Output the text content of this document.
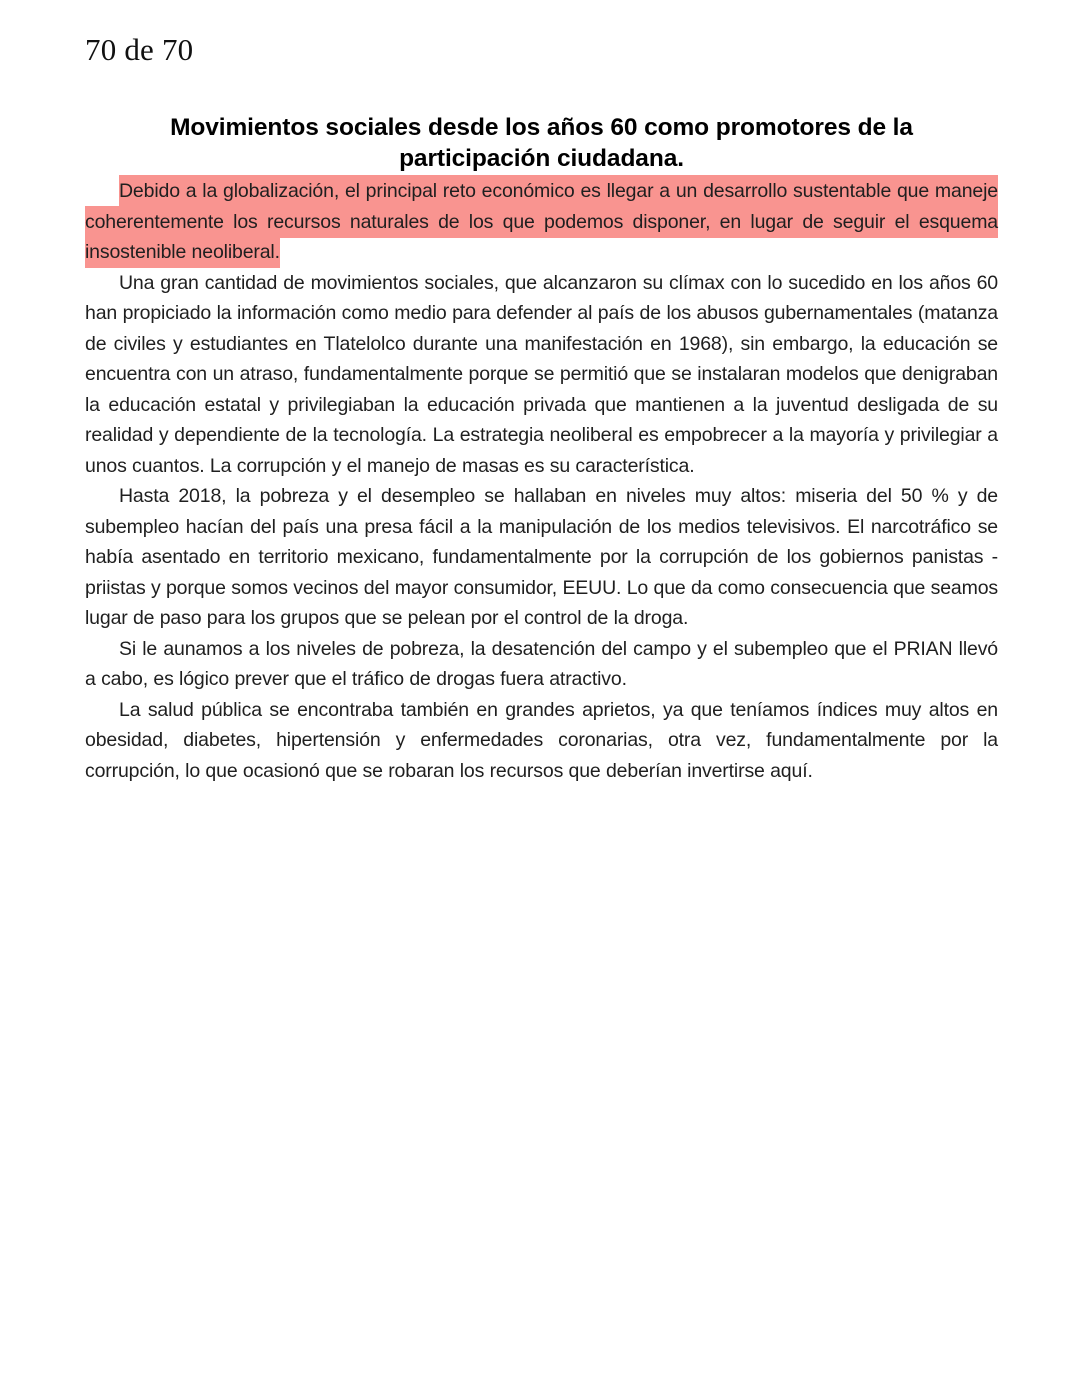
70 de 70
Movimientos sociales desde los años 60 como promotores de la participación ciudadana.

Debido a la globalización, el principal reto económico es llegar a un desarrollo sustentable que maneje coherentemente los recursos naturales de los que podemos disponer, en lugar de seguir el esquema insostenible neoliberal.

Una gran cantidad de movimientos sociales, que alcanzaron su clímax con lo sucedido en los años 60 han propiciado la información como medio para defender al país de los abusos gubernamentales (matanza de civiles y estudiantes en Tlatelolco durante una manifestación en 1968), sin embargo, la educación se encuentra con un atraso, fundamentalmente porque se permitió que se instalaran modelos que denigraban la educación estatal y privilegiaban la educación privada que mantienen a la juventud desligada de su realidad y dependiente de la tecnología. La estrategia neoliberal es empobrecer a la mayoría y privilegiar a unos cuantos. La corrupción y el manejo de masas es su característica.

Hasta 2018, la pobreza y el desempleo se hallaban en niveles muy altos: miseria del 50 % y de subempleo hacían del país una presa fácil a la manipulación de los medios televisivos. El narcotráfico se había asentado en territorio mexicano, fundamentalmente por la corrupción de los gobiernos panistas - priistas y porque somos vecinos del mayor consumidor, EEUU. Lo que da como consecuencia que seamos lugar de paso para los grupos que se pelean por el control de la droga.

Si le aunamos a los niveles de pobreza, la desatención del campo y el subempleo que el PRIAN llevó a cabo, es lógico prever que el tráfico de drogas fuera atractivo.

La salud pública se encontraba también en grandes aprietos, ya que teníamos índices muy altos en obesidad, diabetes, hipertensión y enfermedades coronarias, otra vez, fundamentalmente por la corrupción, lo que ocasionó que se robaran los recursos que deberían invertirse aquí.
